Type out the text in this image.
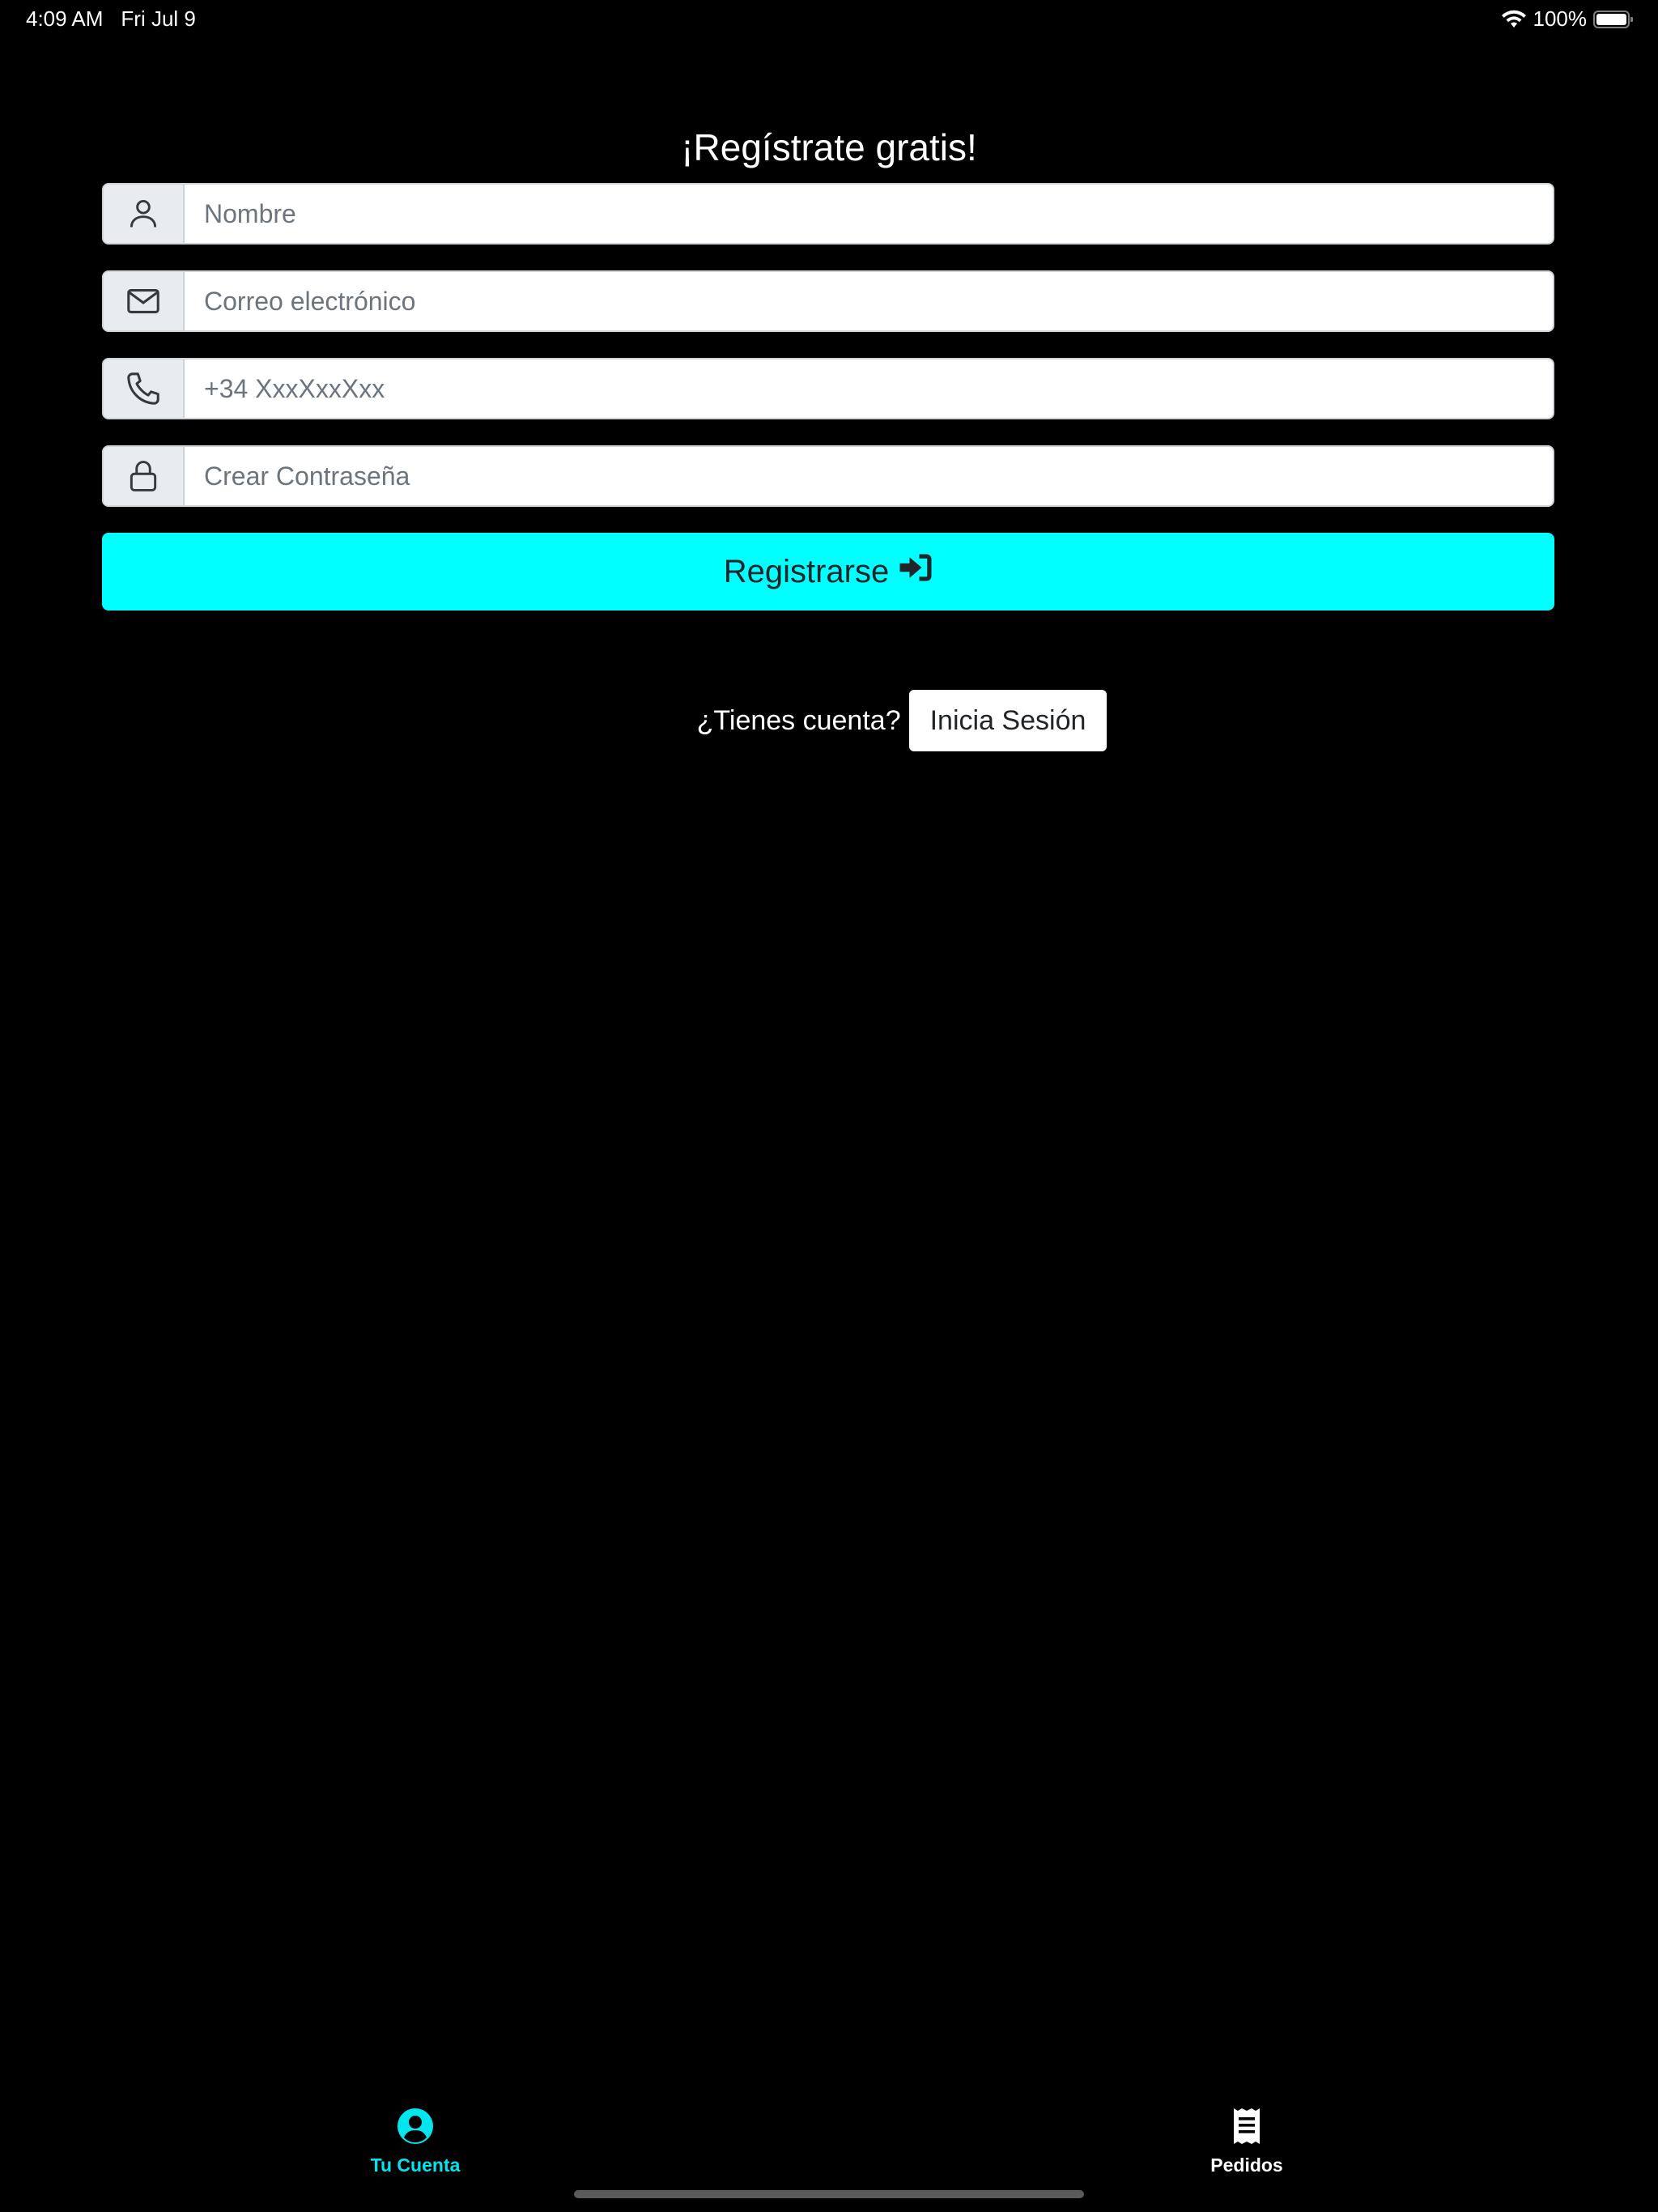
4:09 AM Fri Jul 9	100%
¡Regístrate gratis!
Nombre
Correo electrónico
+34 XxxXxxXxx
Registrarse
¿Tienes cuenta?	Inicia Sesión
Tu Cuenta	Pedidos
